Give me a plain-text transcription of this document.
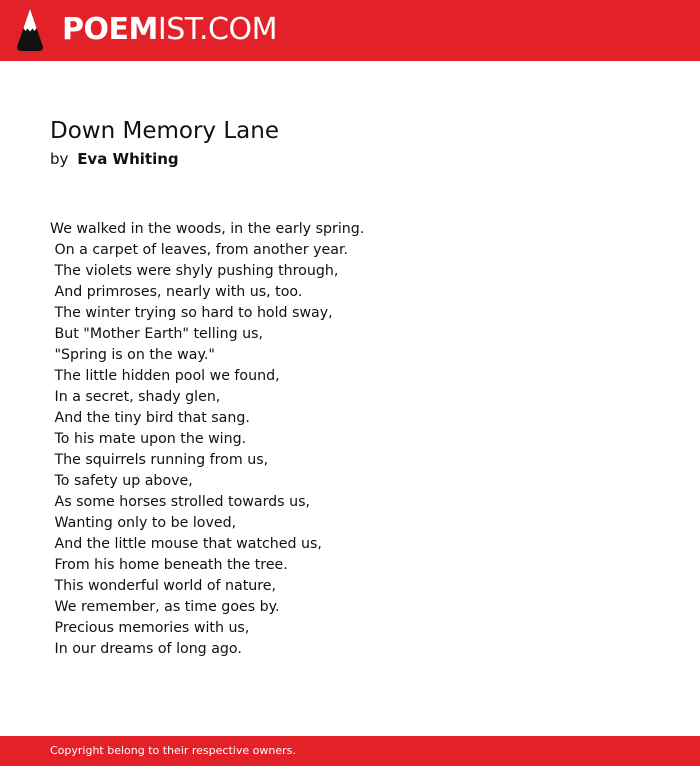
POEMIST.COM
Down Memory Lane
by Eva Whiting
We walked in the woods, in the early spring.
On a carpet of leaves, from another year.
The violets were shyly pushing through,
And primroses, nearly with us, too.
The winter trying so hard to hold sway,
But "Mother Earth" telling us,
"Spring is on the way."
The little hidden pool we found,
In a secret, shady glen,
And the tiny bird that sang.
To his mate upon the wing.
The squirrels running from us,
To safety up above,
As some horses strolled towards us,
Wanting only to be loved,
And the little mouse that watched us,
From his home beneath the tree.
This wonderful world of nature,
We remember, as time goes by.
Precious memories with us,
In our dreams of long ago.
Copyright belong to their respective owners.
